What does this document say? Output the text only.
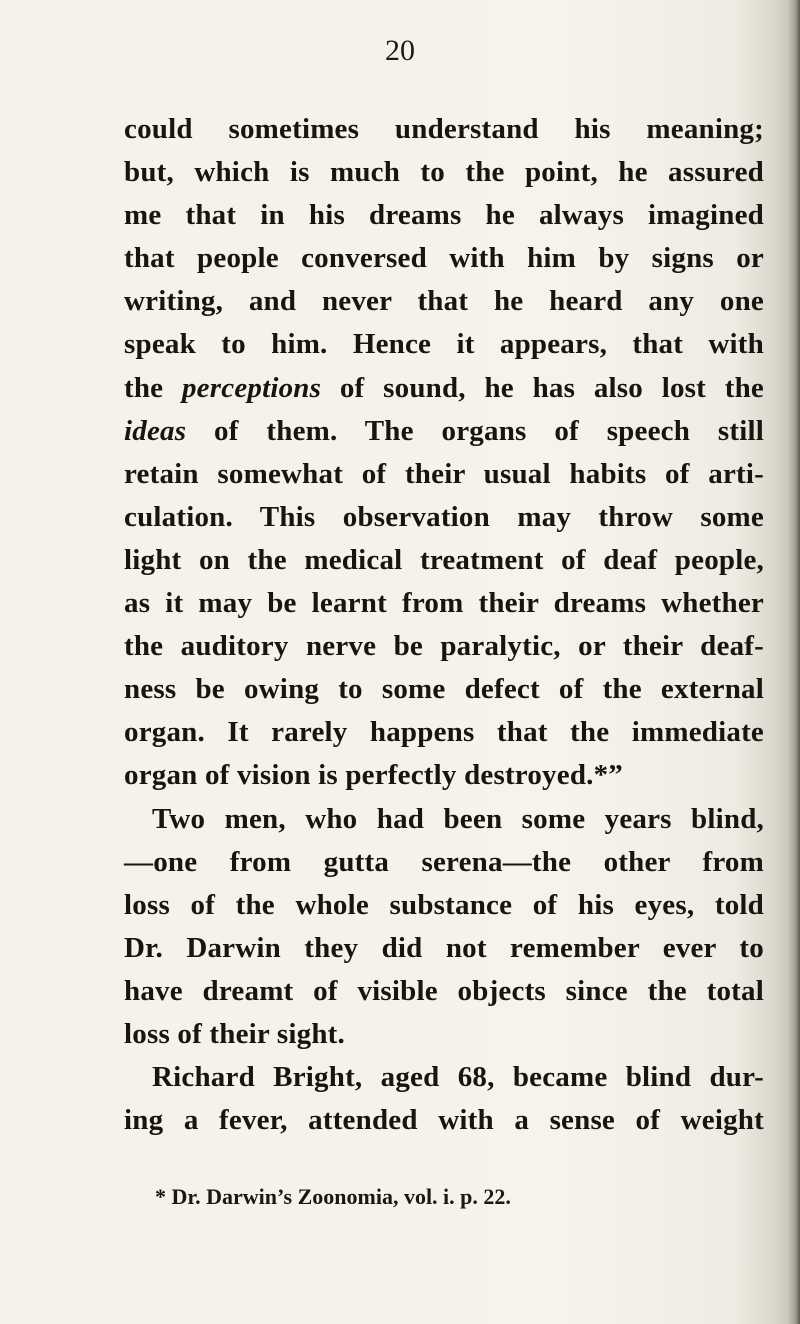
20
could sometimes understand his meaning;
but, which is much to the point, he assured
me that in his dreams he always imagined
that people conversed with him by signs or
writing, and never that he heard any one
speak to him. Hence it appears, that with
the perceptions of sound, he has also lost the
ideas of them. The organs of speech still
retain somewhat of their usual habits of arti-
culation. This observation may throw some
light on the medical treatment of deaf people,
as it may be learnt from their dreams whether
the auditory nerve be paralytic, or their deaf-
ness be owing to some defect of the external
organ. It rarely happens that the immediate
organ of vision is perfectly destroyed.*”
Two men, who had been some years blind,
—one from gutta serena—the other from
loss of the whole substance of his eyes, told
Dr. Darwin they did not remember ever to
have dreamt of visible objects since the total
loss of their sight.
Richard Bright, aged 68, became blind dur-
ing a fever, attended with a sense of weight
* Dr. Darwin’s Zoonomia, vol. i. p. 22.
